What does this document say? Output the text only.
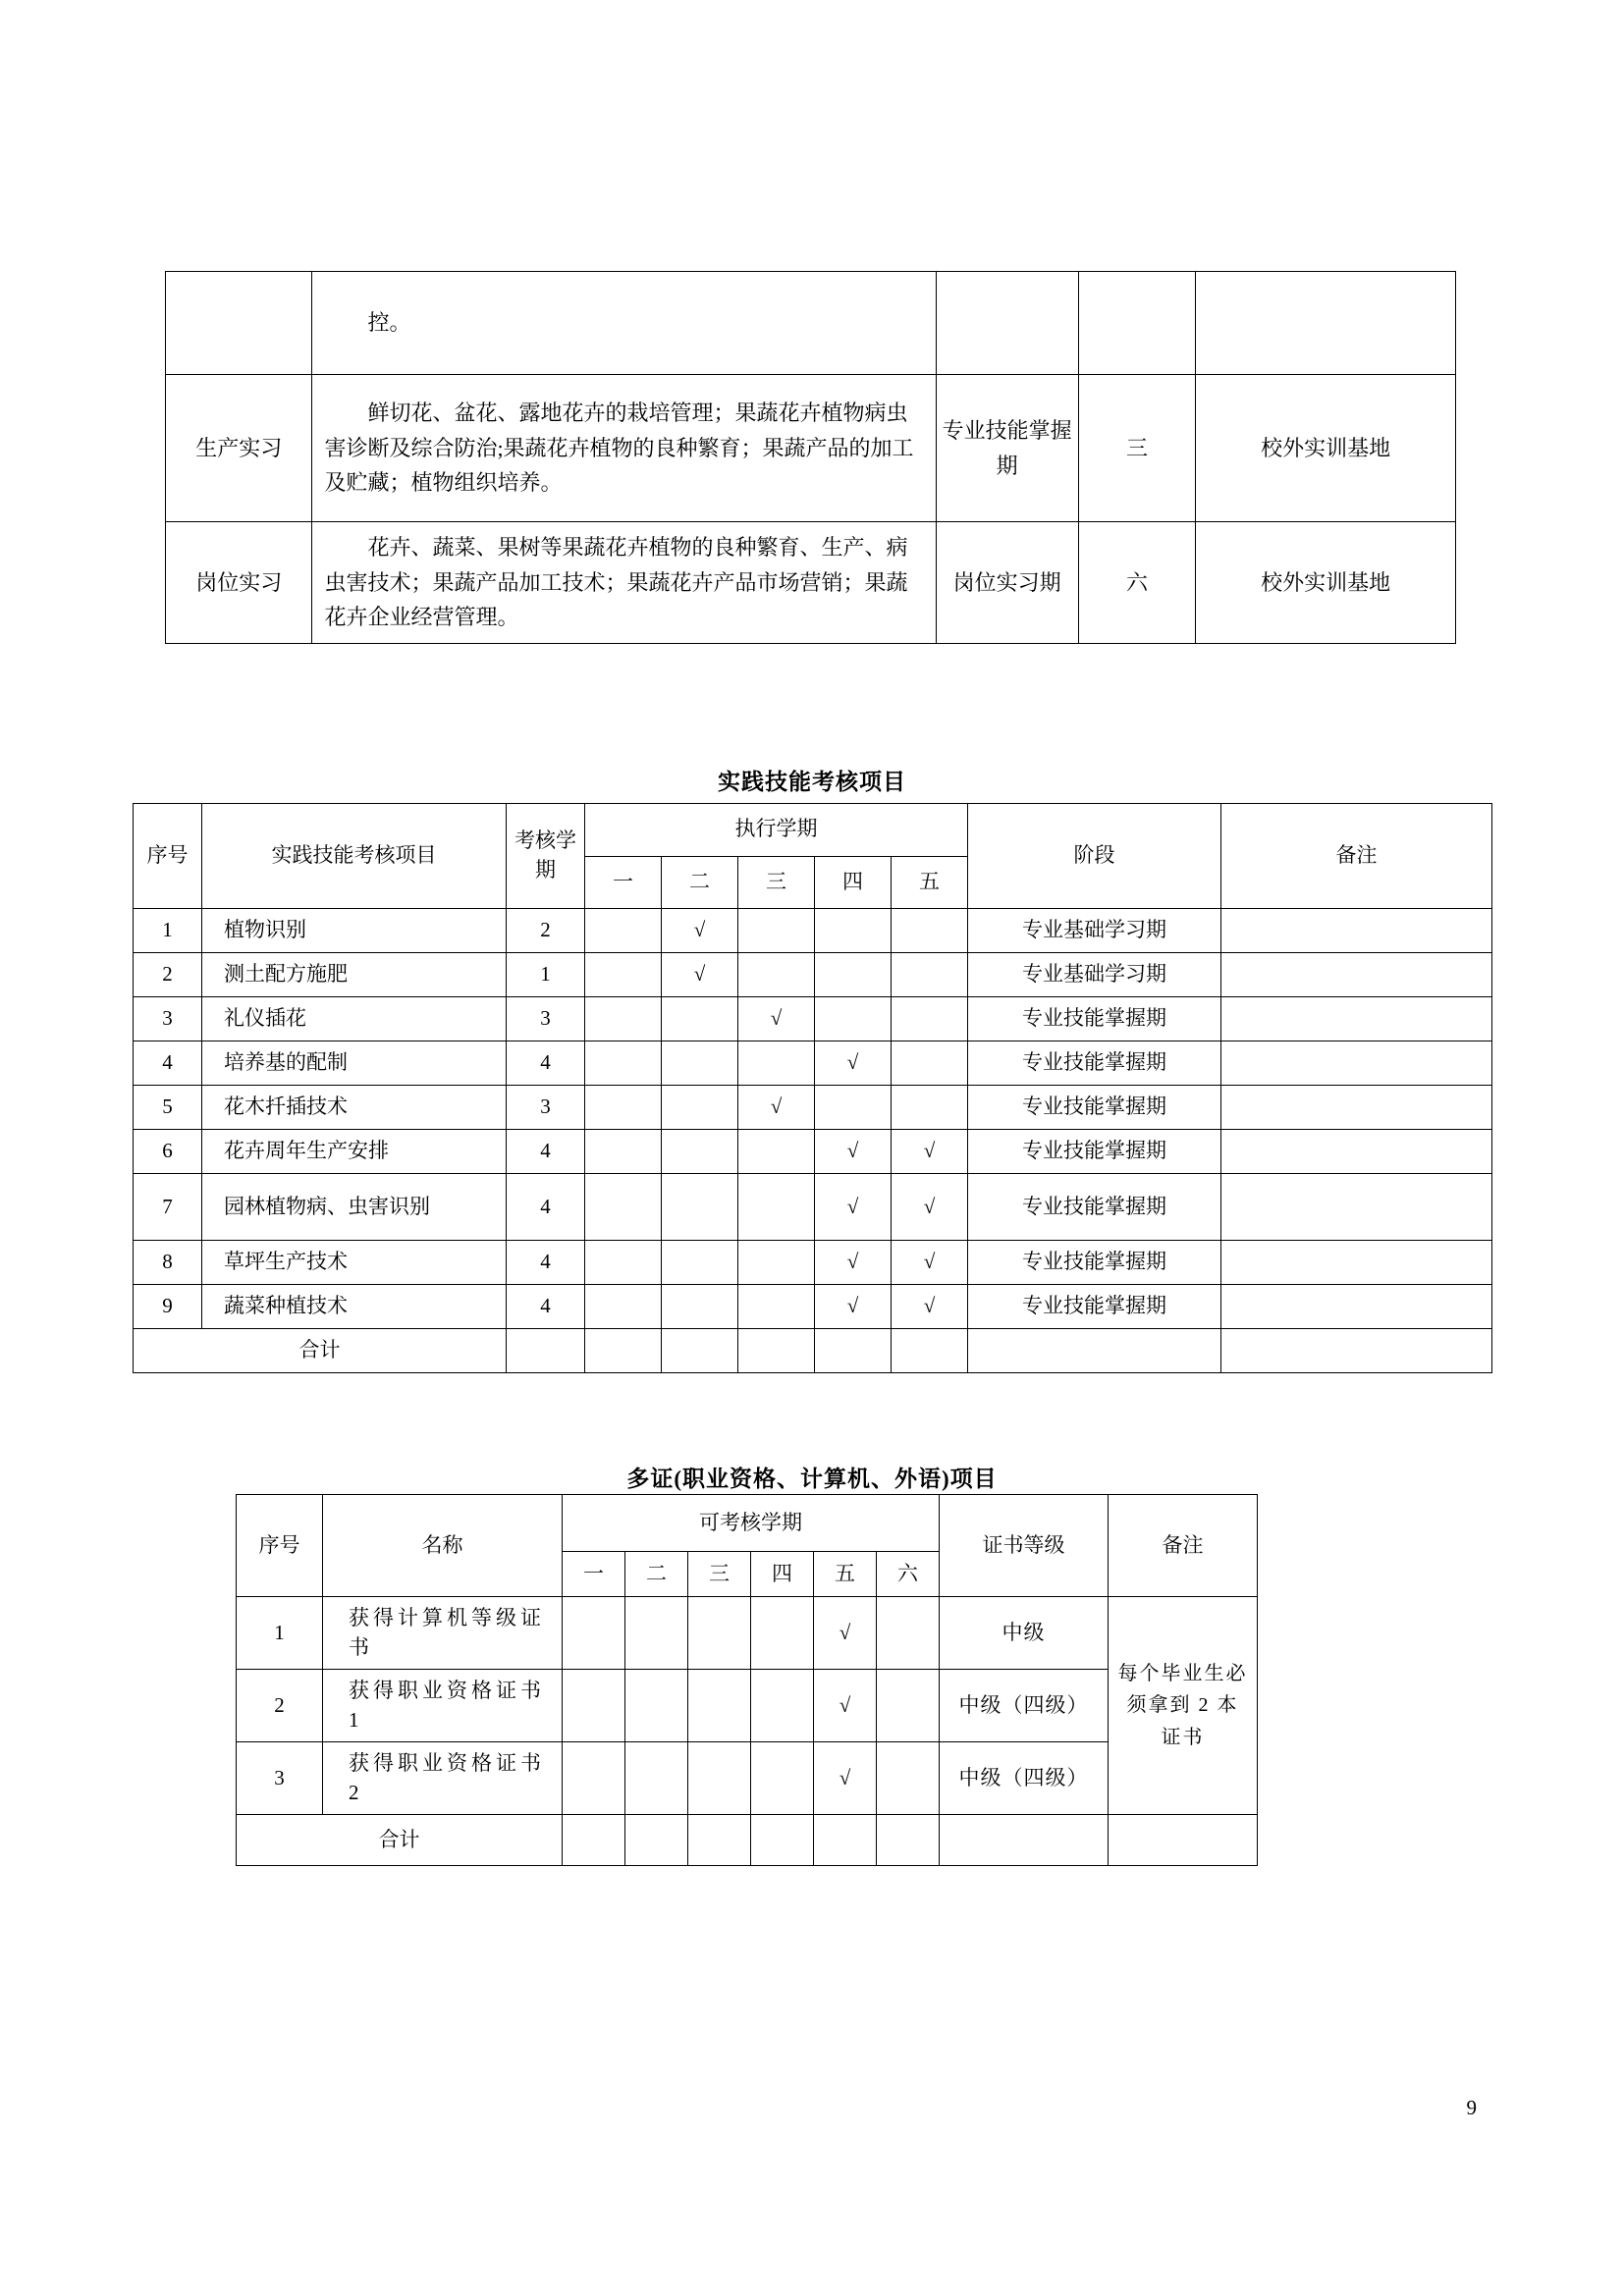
	控。			
生产实习	鲜切花、盆花、露地花卉的栽培管理；果蔬花卉植物病虫害诊断及综合防治;果蔬花卉植物的良种繁育；果蔬产品的加工及贮藏；植物组织培养。	专业技能掌握期	三	校外实训基地
岗位实习	花卉、蔬菜、果树等果蔬花卉植物的良种繁育、生产、病虫害技术；果蔬产品加工技术；果蔬花卉产品市场营销；果蔬花卉企业经营管理。	岗位实习期	六	校外实训基地
实践技能考核项目
序号	实践技能考核项目	考核学期	执行学期					阶段	备注
			一	二	三	四	五		
1	植物识别	2		√				专业基础学习期	
2	测土配方施肥	1		√				专业基础学习期	
3	礼仪插花	3			√			专业技能掌握期	
4	培养基的配制	4				√		专业技能掌握期	
5	花木扦插技术	3			√			专业技能掌握期	
6	花卉周年生产安排	4				√	√	专业技能掌握期	
7	园林植物病、虫害识别	4				√	√	专业技能掌握期	
8	草坪生产技术	4				√	√	专业技能掌握期	
9	蔬菜种植技术	4				√	√	专业技能掌握期	
合计									
多证(职业资格、计算机、外语)项目
序号	名称	可考核学期						证书等级	备注
		一	二	三	四	五	六		
1	获得计算机等级证书					√		中级	每个毕业生必须拿到 2 本证书
2	获得职业资格证书 1					√		中级（四级）	
3	获得职业资格证书 2					√		中级（四级）	
合计									
9
